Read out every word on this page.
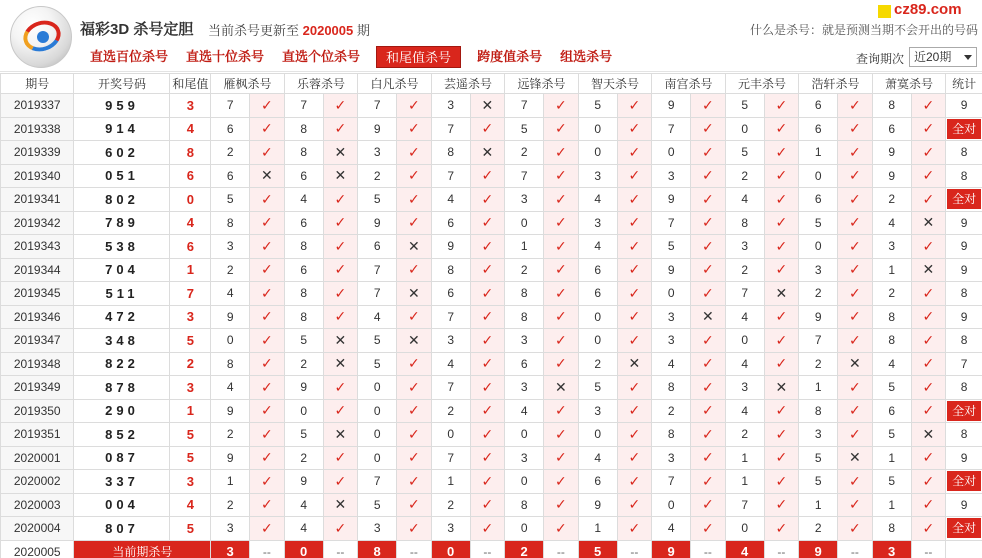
福彩3D 杀号定胆 当前杀号更新至 2020005 期
cz89.com
什么是杀号：就是预测当期不会开出的号码
直选百位杀号 直选十位杀号 直选个位杀号	和尾值杀号	跨度值杀号 组选杀号	查询期次 近20期
期号	开奖号码	和尾值	雁枫杀号		乐蓉杀号		白凡杀号		芸遥杀号		远锋杀号		智天杀号		南宫杀号		元丰杀号		浩轩杀号		萧寞杀号		统计
2019337	959	3	7	✓	7	✓	7	✓	3	✕	7	✓	5	✓	9	✓	5	✓	6	✓	8	✓	9
2019338	914	4	6	✓	8	✓	9	✓	7	✓	5	✓	0	✓	7	✓	0	✓	6	✓	6	✓	全对
2019339	602	8	2	✓	8	✕	3	✓	8	✕	2	✓	0	✓	0	✓	5	✓	1	✓	9	✓	8
2019340	051	6	6	✕	6	✕	2	✓	7	✓	7	✓	3	✓	3	✓	2	✓	0	✓	9	✓	8
2019341	802	0	5	✓	4	✓	5	✓	4	✓	3	✓	4	✓	9	✓	4	✓	6	✓	2	✓	全对
2019342	789	4	8	✓	6	✓	9	✓	6	✓	0	✓	3	✓	7	✓	8	✓	5	✓	4	✕	9
2019343	538	6	3	✓	8	✓	6	✕	9	✓	1	✓	4	✓	5	✓	3	✓	0	✓	3	✓	9
2019344	704	1	2	✓	6	✓	7	✓	8	✓	2	✓	6	✓	9	✓	2	✓	3	✓	1	✕	9
2019345	511	7	4	✓	8	✓	7	✕	6	✓	8	✓	6	✓	0	✓	7	✕	2	✓	2	✓	8
2019346	472	3	9	✓	8	✓	4	✓	7	✓	8	✓	0	✓	3	✕	4	✓	9	✓	8	✓	9
2019347	348	5	0	✓	5	✕	5	✕	3	✓	3	✓	0	✓	3	✓	0	✓	7	✓	8	✓	8
2019348	822	2	8	✓	2	✕	5	✓	4	✓	6	✓	2	✕	4	✓	4	✓	2	✕	4	✓	7
2019349	878	3	4	✓	9	✓	0	✓	7	✓	3	✕	5	✓	8	✓	3	✕	1	✓	5	✓	8
2019350	290	1	9	✓	0	✓	0	✓	2	✓	4	✓	3	✓	2	✓	4	✓	8	✓	6	✓	全对
2019351	852	5	2	✓	5	✕	0	✓	0	✓	0	✓	0	✓	8	✓	2	✓	3	✓	5	✕	8
2020001	087	5	9	✓	2	✓	0	✓	7	✓	3	✓	4	✓	3	✓	1	✓	5	✕	1	✓	9
2020002	337	3	1	✓	9	✓	7	✓	1	✓	0	✓	6	✓	7	✓	1	✓	5	✓	5	✓	全对
2020003	004	4	2	✓	4	✕	5	✓	2	✓	8	✓	9	✓	0	✓	7	✓	1	✓	1	✓	9
2020004	807	5	3	✓	4	✓	3	✓	3	✓	0	✓	1	✓	4	✓	0	✓	2	✓	8	✓	全对
2020005	当前期杀号		3	--	0	--	8	--	0	--	2	--	5	--	9	--	4	--	9	--	3	--	
